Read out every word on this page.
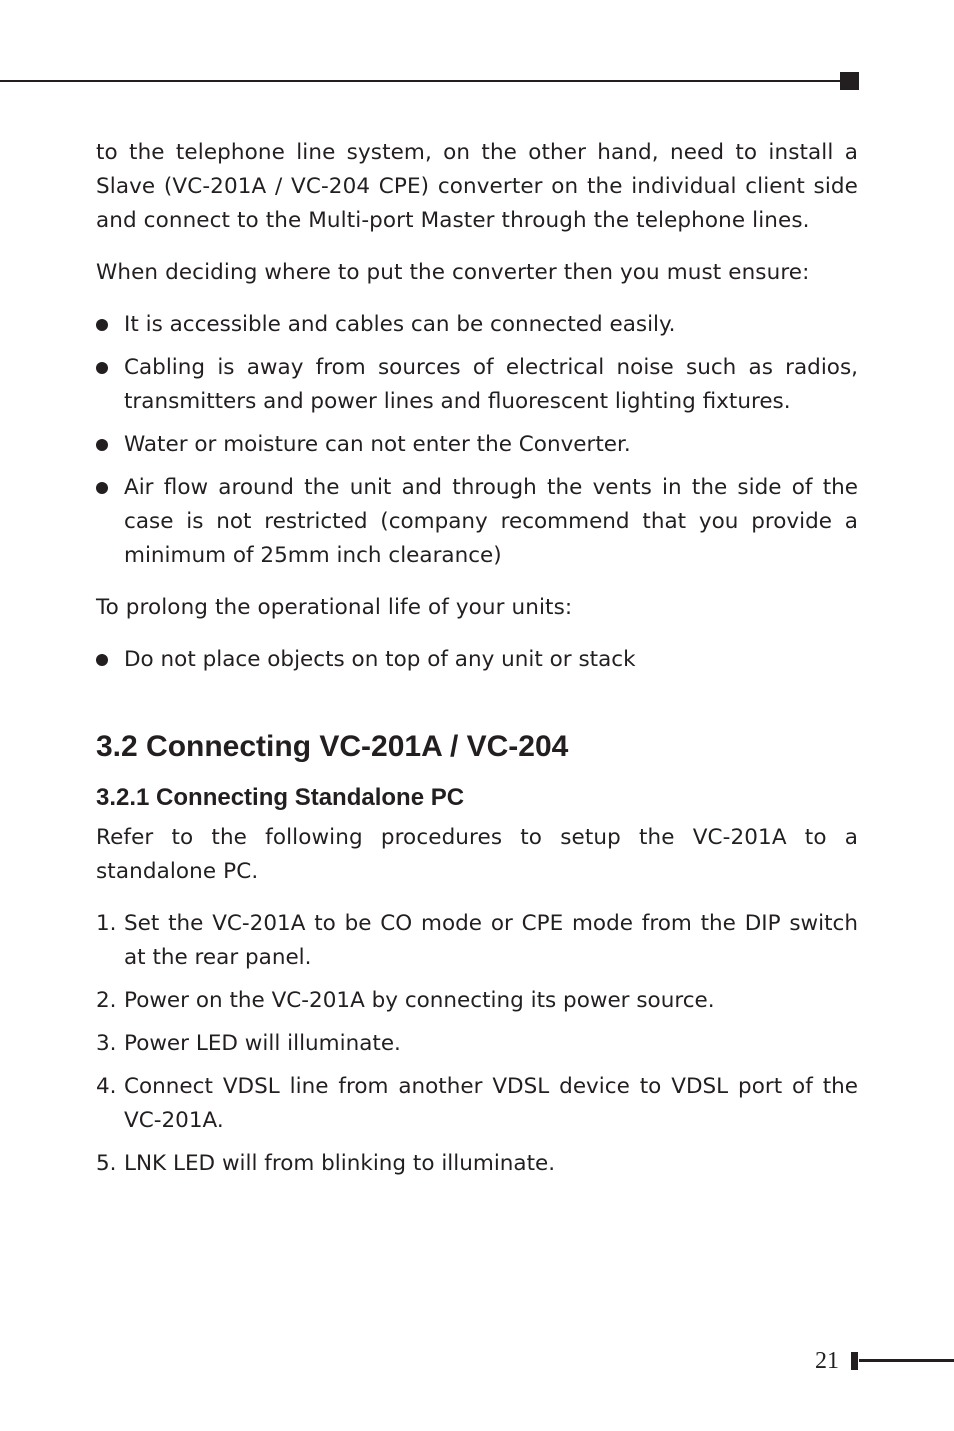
to the telephone line system, on the other hand, need to install a Slave (VC-201A / VC-204 CPE) converter on the individual client side and connect to the Multi-port Master through the telephone lines.

When deciding where to put the converter then you must ensure:

It is accessible and cables can be connected easily.
Cabling is away from sources of electrical noise such as radios, transmitters and power lines and fluorescent lighting fixtures.
Water or moisture can not enter the Converter.
Air flow around the unit and through the vents in the side of the case is not restricted (company recommend that you provide a minimum of 25mm inch clearance)

To prolong the operational life of your units:

Do not place objects on top of any unit or stack
3.2 Connecting VC-201A / VC-204
3.2.1 Connecting Standalone PC

Refer to the following procedures to setup the VC-201A to a standalone PC.

1. Set the VC-201A to be CO mode or CPE mode from the DIP switch at the rear panel.
2. Power on the VC-201A by connecting its power source.
3. Power LED will illuminate.
4. Connect VDSL line from another VDSL device to VDSL port of the VC-201A.
5. LNK LED will from blinking to illuminate.
21
